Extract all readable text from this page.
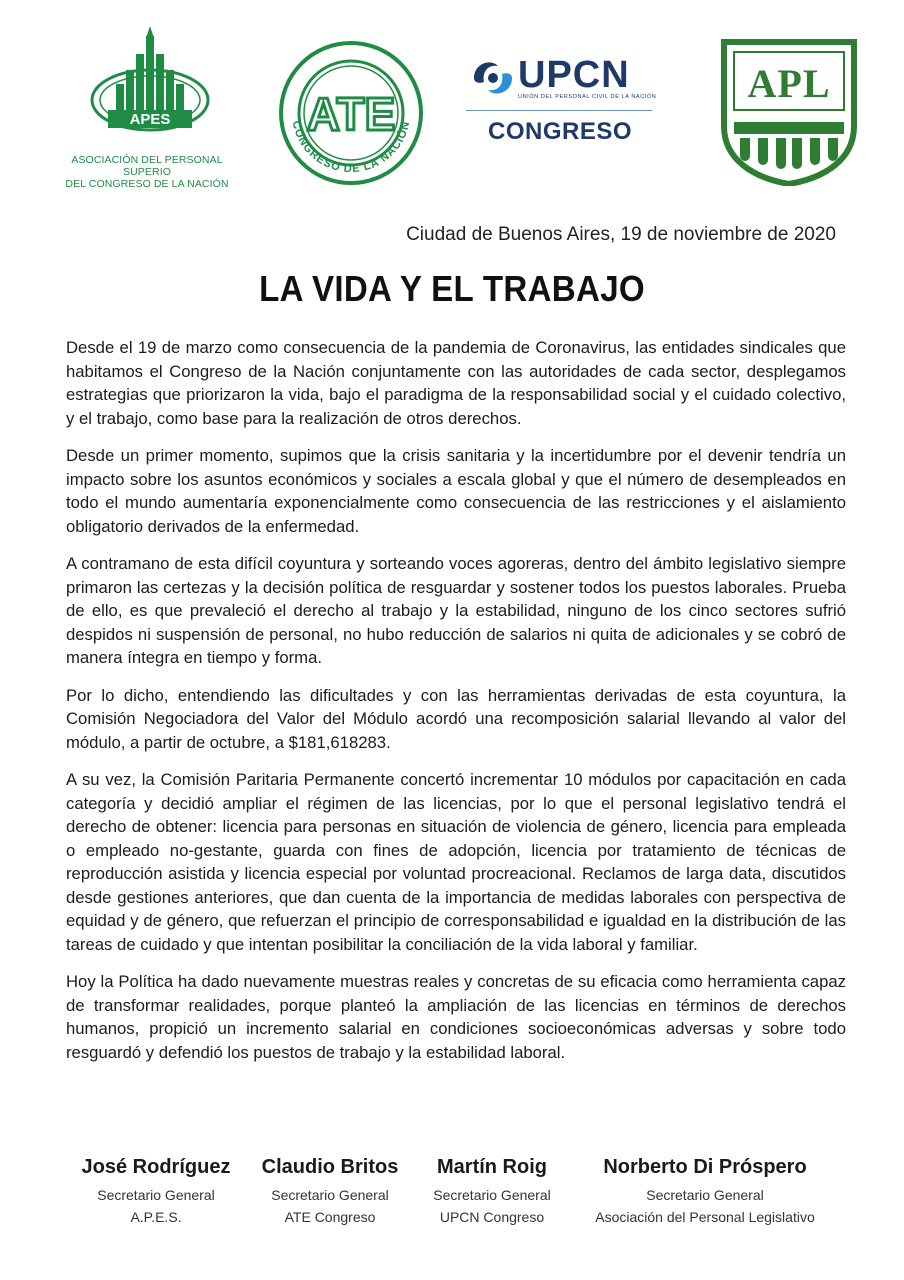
APES
ASOCIACIÓN DEL PERSONAL SUPERIO
DEL CONGRESO DE LA NACIÓN
ATE
CONGRESO DE LA NACIÓN
UPCN
UNIÓN DEL PERSONAL CIVIL DE LA NACIÓN
CONGRESO
APL
Ciudad de Buenos Aires, 19 de noviembre de 2020
LA VIDA Y EL TRABAJO

Desde el 19 de marzo como consecuencia de la pandemia de Coronavirus, las entidades sindicales que habitamos el Congreso de la Nación conjuntamente con las autoridades de cada sector, desplegamos estrategias que priorizaron la vida, bajo el paradigma de la responsabilidad social y el cuidado colectivo, y el trabajo, como base para la realización de otros derechos.

Desde un primer momento, supimos que la crisis sanitaria y la incertidumbre por el devenir tendría un impacto sobre los asuntos económicos y sociales a escala global y que el número de desempleados en todo el mundo aumentaría exponencialmente como consecuencia de las restricciones y el aislamiento obligatorio derivados de la enfermedad.

A contramano de esta difícil coyuntura y sorteando voces agoreras, dentro del ámbito legislativo siempre primaron las certezas y la decisión política de resguardar y sostener todos los puestos laborales. Prueba de ello, es que prevaleció el derecho al trabajo y la estabilidad, ninguno de los cinco sectores sufrió despidos ni suspensión de personal, no hubo reducción de salarios ni quita de adicionales y se cobró de manera íntegra en tiempo y forma.

Por lo dicho, entendiendo las dificultades y con las herramientas derivadas de esta coyuntura, la Comisión Negociadora del Valor del Módulo acordó una recomposición salarial llevando al valor del módulo, a partir de octubre, a $181,618283.

A su vez, la Comisión Paritaria Permanente concertó incrementar 10 módulos por capacitación en cada categoría y decidió ampliar el régimen de las licencias, por lo que el personal legislativo tendrá el derecho de obtener: licencia para personas en situación de violencia de género, licencia para empleada o empleado no-gestante, guarda con fines de adopción, licencia por tratamiento de técnicas de reproducción asistida y licencia especial por voluntad procreacional. Reclamos de larga data, discutidos desde gestiones anteriores, que dan cuenta de la importancia de medidas laborales con perspectiva de equidad y de género, que refuerzan el principio de corresponsabilidad e igualdad en la distribución de las tareas de cuidado y que intentan posibilitar la conciliación de la vida laboral y familiar.

Hoy la Política ha dado nuevamente muestras reales y concretas de su eficacia como herramienta capaz de transformar realidades, porque planteó la ampliación de las licencias en términos de derechos humanos, propició un incremento salarial en condiciones socioeconómicas adversas y sobre todo resguardó y defendió los puestos de trabajo y la estabilidad laboral.

José Rodríguez
Secretario General
A.P.E.S.
Claudio Britos
Secretario General
ATE Congreso
Martín Roig
Secretario General
UPCN Congreso
Norberto Di Próspero
Secretario General
Asociación del Personal Legislativo
